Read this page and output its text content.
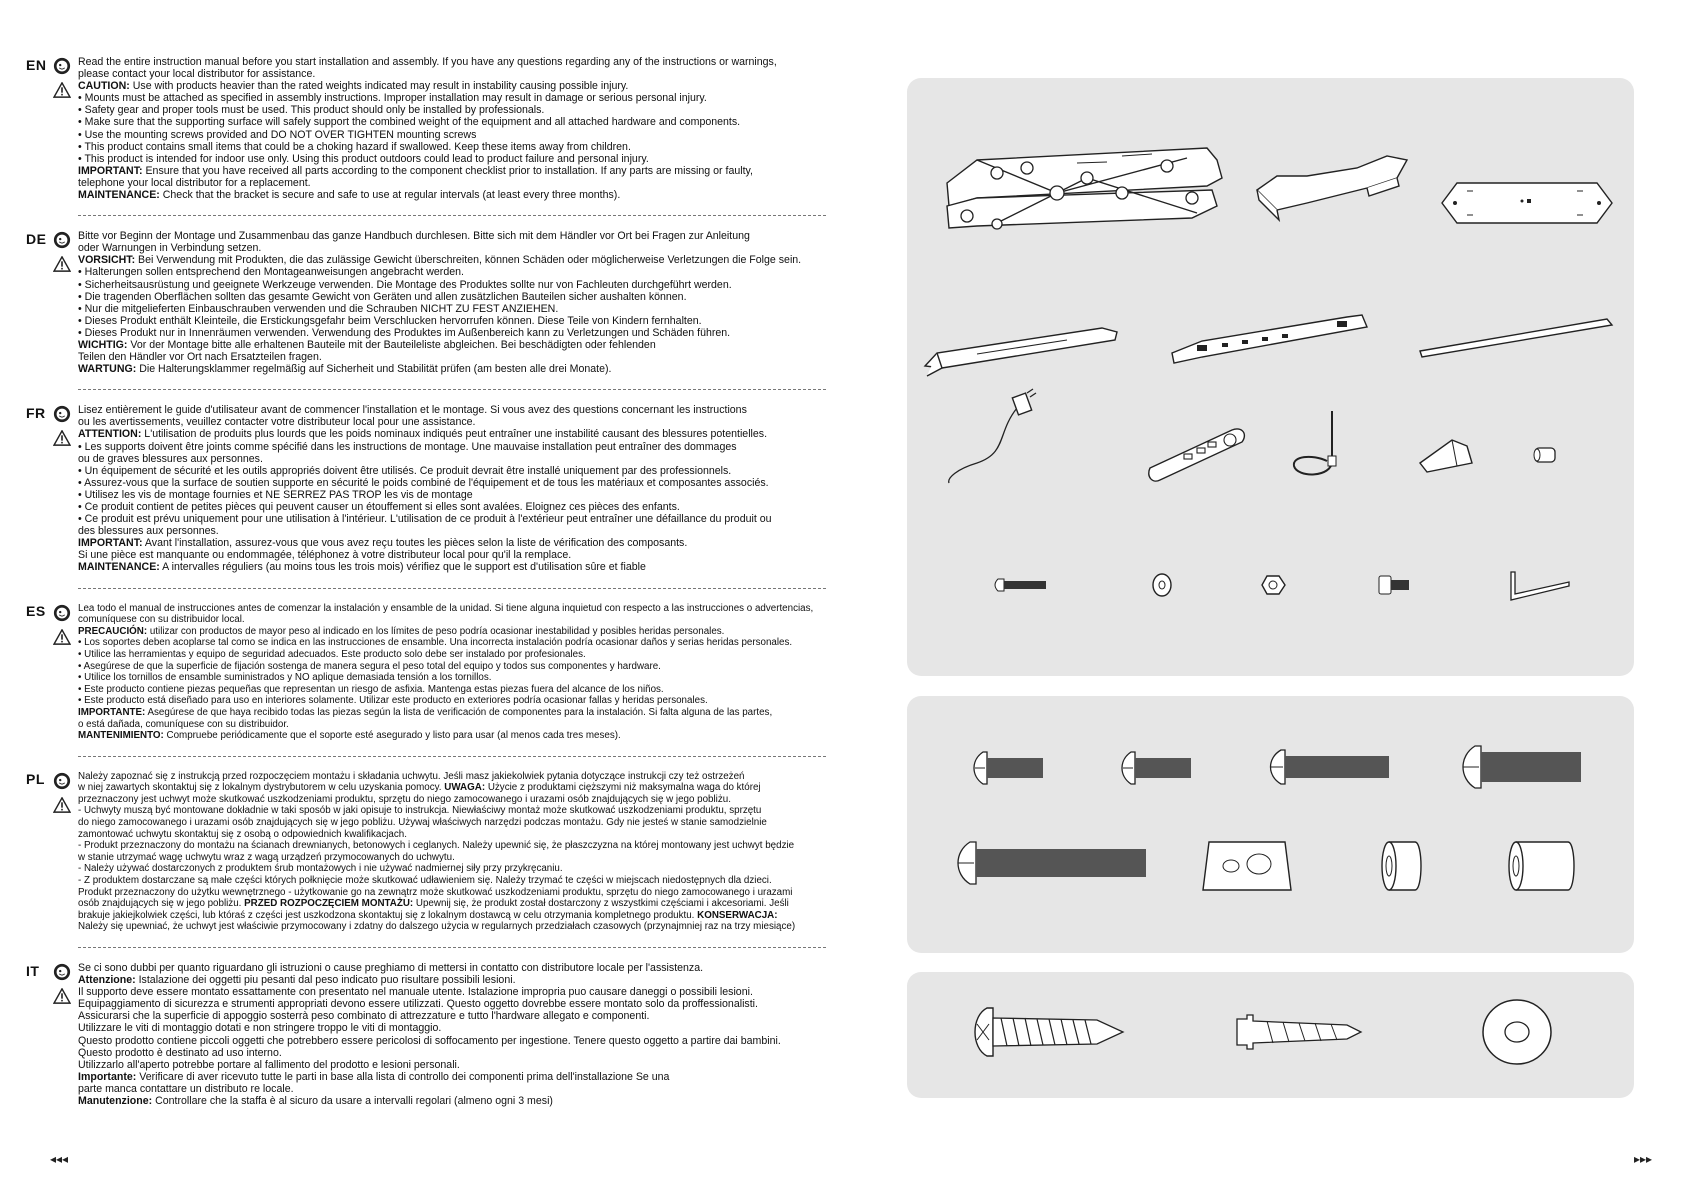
EN	Read the entire instruction manual before you start installation and assembly. If you have any questions regarding any of the instructions or warnings,
please contact your local distributor for assistance.
CAUTION: Use with products heavier than the rated weights indicated may result in instability causing possible injury.
• Mounts must be attached as specified in assembly instructions. Improper installation may result in damage or serious personal injury.
• Safety gear and proper tools must be used. This product should only be installed by professionals.
• Make sure that the supporting surface will safely support the combined weight of the equipment and all attached hardware and components.
• Use the mounting screws provided and DO NOT OVER TIGHTEN mounting screws
• This product contains small items that could be a choking hazard if swallowed. Keep these items away from children.
• This product is intended for indoor use only. Using this product outdoors could lead to product failure and personal injury.
IMPORTANT: Ensure that you have received all parts according to the component checklist prior to installation. If any parts are missing or faulty,
telephone your local distributor for a replacement.
MAINTENANCE: Check that the bracket is secure and safe to use at regular intervals (at least every three months).
DE	Bitte vor Beginn der Montage und Zusammenbau das ganze Handbuch durchlesen. Bitte sich mit dem Händler vor Ort bei Fragen zur Anleitung
oder Warnungen in Verbindung setzen.
VORSICHT: Bei Verwendung mit Produkten, die das zulässige Gewicht überschreiten, können Schäden oder möglicherweise Verletzungen die Folge sein.
• Halterungen sollen entsprechend den Montageanweisungen angebracht werden.
• Sicherheitsausrüstung und geeignete Werkzeuge verwenden. Die Montage des Produktes sollte nur von Fachleuten durchgeführt werden.
• Die tragenden Oberflächen sollten das gesamte Gewicht von Geräten und allen zusätzlichen Bauteilen sicher aushalten können.
• Nur die mitgelieferten Einbauschrauben verwenden und die Schrauben NICHT ZU FEST ANZIEHEN.
• Dieses Produkt enthält Kleinteile, die Erstickungsgefahr beim Verschlucken hervorrufen können. Diese Teile von Kindern fernhalten.
• Dieses Produkt nur in Innenräumen verwenden. Verwendung des Produktes im Außenbereich kann zu Verletzungen und Schäden führen.
WICHTIG: Vor der Montage bitte alle erhaltenen Bauteile mit der Bauteileliste abgleichen. Bei beschädigten oder fehlenden
Teilen den Händler vor Ort nach Ersatzteilen fragen.
WARTUNG: Die Halterungsklammer regelmäßig auf Sicherheit und Stabilität prüfen (am besten alle drei Monate).
FR	Lisez entièrement le guide d'utilisateur avant de commencer l'installation et le montage. Si vous avez des questions concernant les instructions
ou les avertissements, veuillez contacter votre distributeur local pour une assistance.
ATTENTION: L'utilisation de produits plus lourds que les poids nominaux indiqués peut entraîner une instabilité causant des blessures potentielles.
• Les supports doivent être joints comme spécifié dans les instructions de montage. Une mauvaise installation peut entraîner des dommages
ou de graves blessures aux personnes.
• Un équipement de sécurité et les outils appropriés doivent être utilisés. Ce produit devrait être installé uniquement par des professionnels.
• Assurez-vous que la surface de soutien supporte en sécurité le poids combiné de l'équipement et de tous les matériaux et composantes associés.
• Utilisez les vis de montage fournies et NE SERREZ PAS TROP les vis de montage
• Ce produit contient de petites pièces qui peuvent causer un étouffement si elles sont avalées. Eloignez ces pièces des enfants.
• Ce produit est prévu uniquement pour une utilisation à l'intérieur. L'utilisation de ce produit à l'extérieur peut entraîner une défaillance du produit ou
des blessures aux personnes.
IMPORTANT: Avant l'installation, assurez-vous que vous avez reçu toutes les pièces selon la liste de vérification des composants.
Si une pièce est manquante ou endommagée, téléphonez à votre distributeur local pour qu'il la remplace.
MAINTENANCE: A intervalles réguliers (au moins tous les trois mois) vérifiez que le support est d'utilisation sûre et fiable
ES	Lea todo el manual de instrucciones antes de comenzar la instalación y ensamble de la unidad. Si tiene alguna inquietud con respecto a las instrucciones o advertencias,
comuníquese con su distribuidor local.
PRECAUCIÓN: utilizar con productos de mayor peso al indicado en los límites de peso podría ocasionar inestabilidad y posibles heridas personales.
• Los soportes deben acoplarse tal como se indica en las instrucciones de ensamble. Una incorrecta instalación podría ocasionar daños y serias heridas personales.
• Utilice las herramientas y equipo de seguridad adecuados. Este producto solo debe ser instalado por profesionales.
• Asegúrese de que la superficie de fijación sostenga de manera segura el peso total del equipo y todos sus componentes y hardware.
• Utilice los tornillos de ensamble suministrados y NO aplique demasiada tensión a los tornillos.
• Este producto contiene piezas pequeñas que representan un riesgo de asfixia. Mantenga estas piezas fuera del alcance de los niños.
• Este producto está diseñado para uso en interiores solamente. Utilizar este producto en exteriores podría ocasionar fallas y heridas personales.
IMPORTANTE: Asegúrese de que haya recibido todas las piezas según la lista de verificación de componentes para la instalación. Si falta alguna de las partes,
o está dañada, comuníquese con su distribuidor.
MANTENIMIENTO: Compruebe periódicamente que el soporte esté asegurado y listo para usar (al menos cada tres meses).
PL	Należy zapoznać się z instrukcją przed rozpoczęciem montażu i składania uchwytu. Jeśli masz jakiekolwiek pytania dotyczące instrukcji czy też ostrzeżeń
w niej zawartych skontaktuj się z lokalnym dystrybutorem w celu uzyskania pomocy. UWAGA: Użycie z produktami cięższymi niż maksymalna waga do której
przeznaczony jest uchwyt może skutkować uszkodzeniami produktu, sprzętu do niego zamocowanego i urazami osób znajdujących się w jego pobliżu.
- Uchwyty muszą być montowane dokładnie w taki sposób w jaki opisuje to instrukcja. Niewłaściwy montaż może skutkować uszkodzeniami produktu, sprzętu
do niego zamocowanego i urazami osób znajdujących się w jego pobliżu. Używaj właściwych narzędzi podczas montażu. Gdy nie jesteś w stanie samodzielnie
zamontować uchwytu skontaktuj się z osobą o odpowiednich kwalifikacjach.
- Produkt przeznaczony do montażu na ścianach drewnianych, betonowych i ceglanych. Należy upewnić się, że płaszczyzna na której montowany jest uchwyt będzie
w stanie utrzymać wagę uchwytu wraz z wagą urządzeń przymocowanych do uchwytu.
- Należy używać dostarczonych z produktem śrub montażowych i nie używać nadmiernej siły przy przykręcaniu.
- Z produktem dostarczane są małe części których połknięcie może skutkować udławieniem się. Należy trzymać te części w miejscach niedostępnych dla dzieci.
Produkt przeznaczony do użytku wewnętrznego - użytkowanie go na zewnątrz może skutkować uszkodzeniami produktu, sprzętu do niego zamocowanego i urazami
osób znajdujących się w jego pobliżu. PRZED ROZPOCZĘCIEM MONTAŻU: Upewnij się, że produkt został dostarczony z wszystkimi częściami i akcesoriami. Jeśli
brakuje jakiejkolwiek części, lub któraś z części jest uszkodzona skontaktuj się z lokalnym dostawcą w celu otrzymania kompletnego produktu. KONSERWACJA:
Należy się upewniać, że uchwyt jest właściwie przymocowany i zdatny do dalszego użycia w regularnych przedziałach czasowych (przynajmniej raz na trzy miesiące)
IT	Se ci sono dubbi per quanto riguardano gli istruzioni o cause preghiamo di mettersi in contatto con distributore locale per l'assistenza.
Attenzione: Istalazione dei oggetti piu pesanti dal peso indicato puo risultare possibili lesioni.
Il supporto deve essere montato essattamente con presentato nel manuale utente. Istalazione impropria puo causare daneggi o possibili lesioni.
Equipaggiamento di sicurezza e strumenti appropriati devono essere utilizzati. Questo oggetto dovrebbe essere montato solo da proffessionalisti.
Assicurarsi che la superficie di appoggio sosterrà peso combinato di attrezzature e tutto l'hardware allegato e componenti.
Utilizzare le viti di montaggio dotati e non stringere troppo le viti di montaggio.
Questo prodotto contiene piccoli oggetti che potrebbero essere pericolosi di soffocamento per ingestione. Tenere questo oggetto a partire dai bambini.
Questo prodotto è destinato ad uso interno.
Utilizzarlo all'aperto potrebbe portare al fallimento del prodotto e lesioni personali.
Importante: Verificare di aver ricevuto tutte le parti in base alla lista di controllo dei componenti prima dell'installazione Se una
parte manca contattare un distributo re locale.
Manutenzione: Controllare che la staffa è al sicuro da usare a intervalli regolari (almeno ogni 3 mesi)
◂◂◂	▸▸▸
